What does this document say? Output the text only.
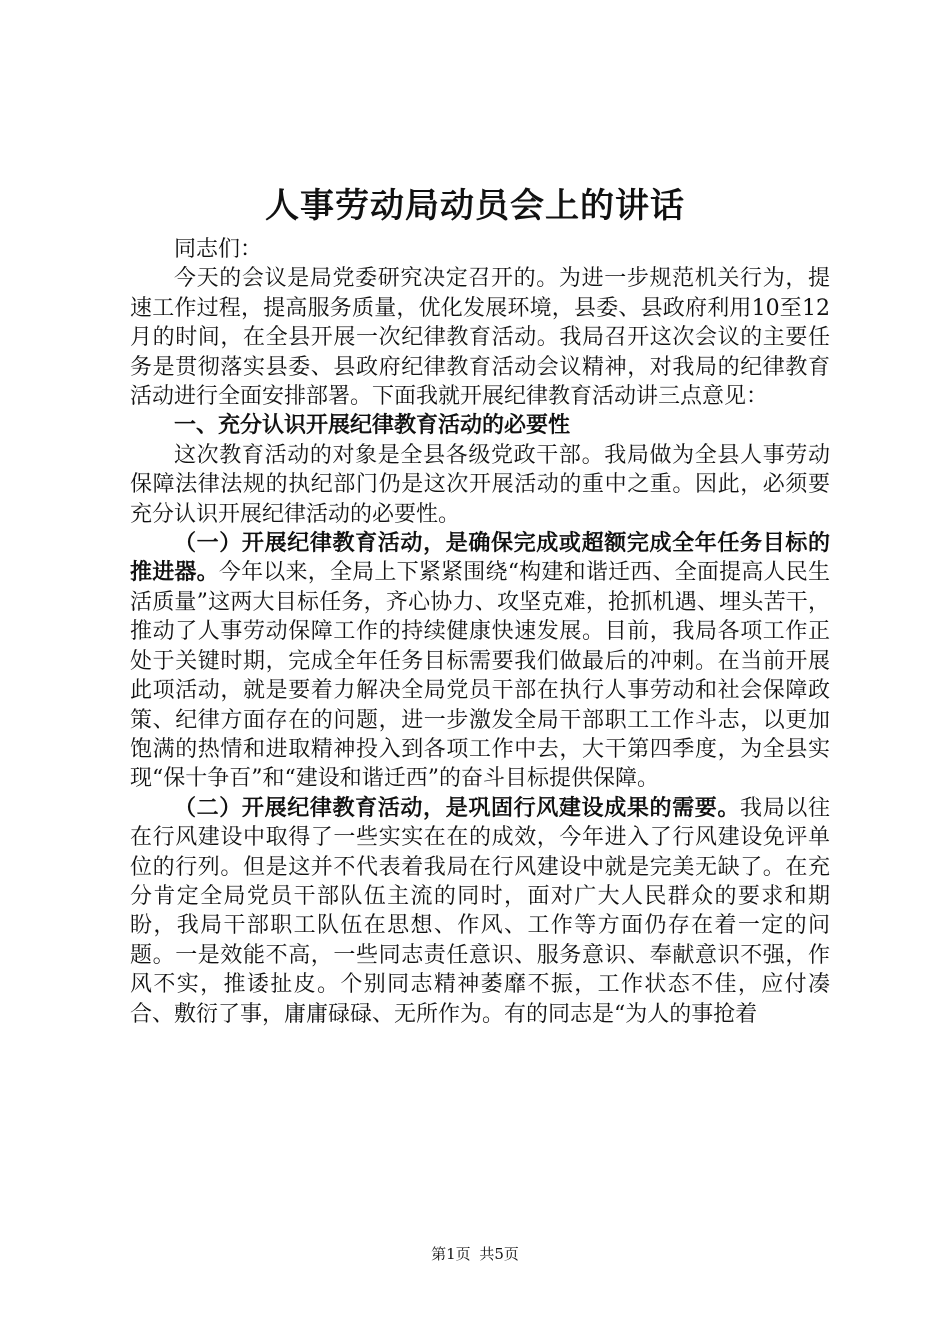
人事劳动局动员会上的讲话

同志们：

今天的会议是局党委研究决定召开的。为进一步规范机关行为，提速工作过程，提高服务质量，优化发展环境，县委、县政府利用10至12月的时间，在全县开展一次纪律教育活动。我局召开这次会议的主要任务是贯彻落实县委、县政府纪律教育活动会议精神，对我局的纪律教育活动进行全面安排部署。下面我就开展纪律教育活动讲三点意见：

一、充分认识开展纪律教育活动的必要性

这次教育活动的对象是全县各级党政干部。我局做为全县人事劳动保障法律法规的执纪部门仍是这次开展活动的重中之重。因此，必须要充分认识开展纪律活动的必要性。

（一）开展纪律教育活动，是确保完成或超额完成全年任务目标的推进器。今年以来，全局上下紧紧围绕“构建和谐迁西、全面提高人民生活质量”这两大目标任务，齐心协力、攻坚克难，抢抓机遇、埋头苦干，推动了人事劳动保障工作的持续健康快速发展。目前，我局各项工作正处于关键时期，完成全年任务目标需要我们做最后的冲刺。在当前开展此项活动，就是要着力解决全局党员干部在执行人事劳动和社会保障政策、纪律方面存在的问题，进一步激发全局干部职工工作斗志，以更加饱满的热情和进取精神投入到各项工作中去，大干第四季度，为全县实现“保十争百”和“建设和谐迁西”的奋斗目标提供保障。

（二）开展纪律教育活动，是巩固行风建设成果的需要。我局以往在行风建设中取得了一些实实在在的成效，今年进入了行风建设免评单位的行列。但是这并不代表着我局在行风建设中就是完美无缺了。在充分肯定全局党员干部队伍主流的同时，面对广大人民群众的要求和期盼，我局干部职工队伍在思想、作风、工作等方面仍存在着一定的问题。一是效能不高，一些同志责任意识、服务意识、奉献意识不强，作风不实，推诿扯皮。个别同志精神萎靡不振，工作状态不佳，应付凑合、敷衍了事，庸庸碌碌、无所作为。有的同志是“为人的事抢着

第1页 共5页
